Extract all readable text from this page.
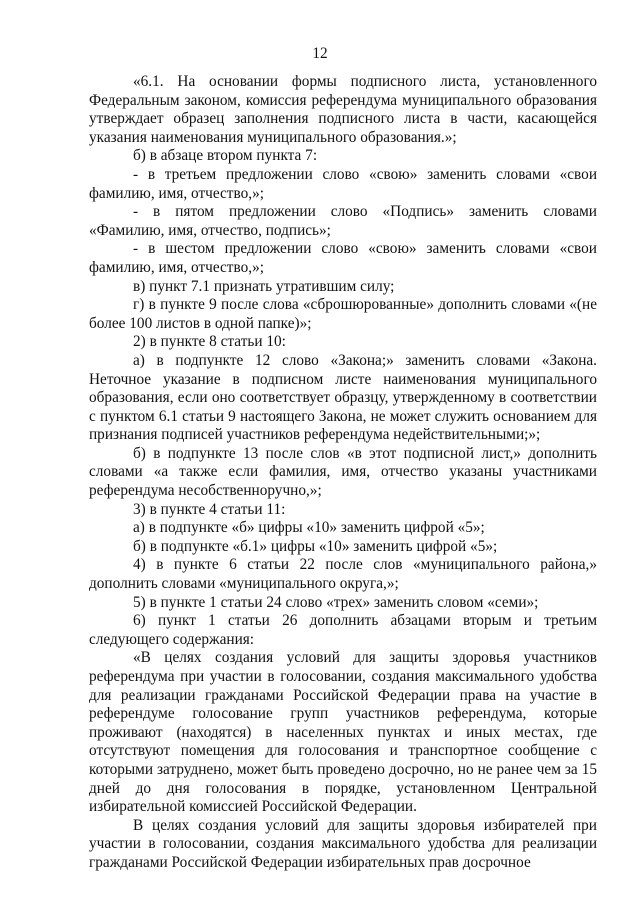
12

«6.1. На основании формы подписного листа, установленного Федеральным законом, комиссия референдума муниципального образования утверждает образец заполнения подписного листа в части, касающейся указания наименования муниципального образования.»;

б) в абзаце втором пункта 7:

- в третьем предложении слово «свою» заменить словами «свои фамилию, имя, отчество,»;

- в пятом предложении слово «Подпись» заменить словами «Фамилию, имя, отчество, подпись»;

- в шестом предложении слово «свою» заменить словами «свои фамилию, имя, отчество,»;

в) пункт 7.1 признать утратившим силу;

г) в пункте 9 после слова «сброшюрованные» дополнить словами «(не более 100 листов в одной папке)»;

2) в пункте 8 статьи 10:

а) в подпункте 12 слово «Закона;» заменить словами «Закона. Неточное указание в подписном листе наименования муниципального образования, если оно соответствует образцу, утвержденному в соответствии с пунктом 6.1 статьи 9 настоящего Закона, не может служить основанием для признания подписей участников референдума недействительными;»;

б) в подпункте 13 после слов «в этот подписной лист,» дополнить словами «а также если фамилия, имя, отчество указаны участниками референдума несобственноручно,»;

3) в пункте 4 статьи 11:

а) в подпункте «б» цифры «10» заменить цифрой «5»;

б) в подпункте «б.1» цифры «10» заменить цифрой «5»;

4) в пункте 6 статьи 22 после слов «муниципального района,» дополнить словами «муниципального округа,»;

5) в пункте 1 статьи 24 слово «трех» заменить словом «семи»;

6) пункт 1 статьи 26 дополнить абзацами вторым и третьим следующего содержания:

«В целях создания условий для защиты здоровья участников референдума при участии в голосовании, создания максимального удобства для реализации гражданами Российской Федерации права на участие в референдуме голосование групп участников референдума, которые проживают (находятся) в населенных пунктах и иных местах, где отсутствуют помещения для голосования и транспортное сообщение с которыми затруднено, может быть проведено досрочно, но не ранее чем за 15 дней до дня голосования в порядке, установленном Центральной избирательной комиссией Российской Федерации.

В целях создания условий для защиты здоровья избирателей при участии в голосовании, создания максимального удобства для реализации гражданами Российской Федерации избирательных прав досрочное
